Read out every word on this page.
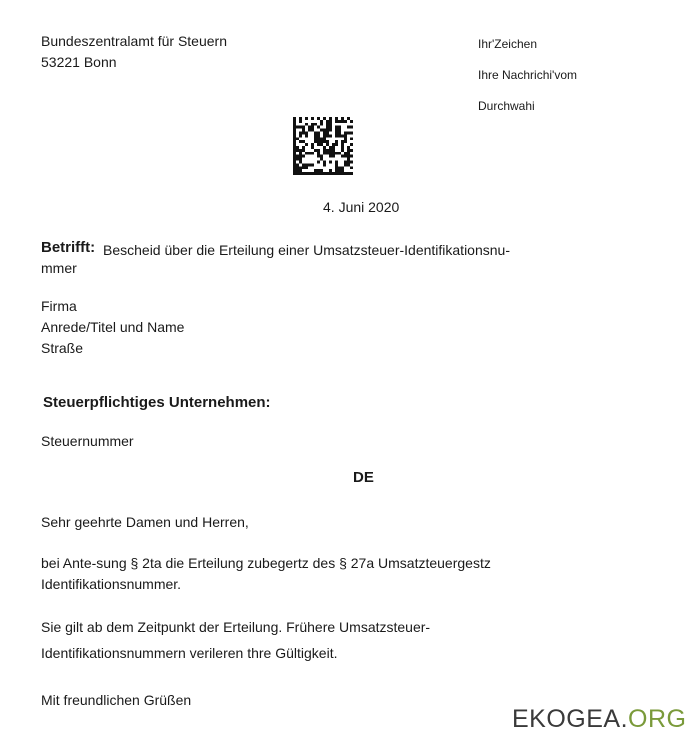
Bundeszentralamt für Steuern
53221 Bonn
Ihr'Zeichen
Ihre Nachrichi'vom
Durchwahi
4. Juni 2020
Betrifft: Bescheid über die Erteilung einer Umsatzsteuer-Identifikationsnu-
mmer
Firma
Anrede/Titel und Name
Straße
Steuerpflichtiges Unternehmen:
Steuernummer
DE
Sehr geehrte Damen und Herren,
bei Ante-sung § 2ta die Erteilung zubegertz des § 27a Umsatzteuergestz
Identifikationsnummer.
Sie gilt ab dem Zeitpunkt der Erteilung. Frühere Umsatzsteuer-
Identifikationsnummern verileren thre Gültigkeit.
Mit freundlichen Grüßen
EKOGEA.ORG
